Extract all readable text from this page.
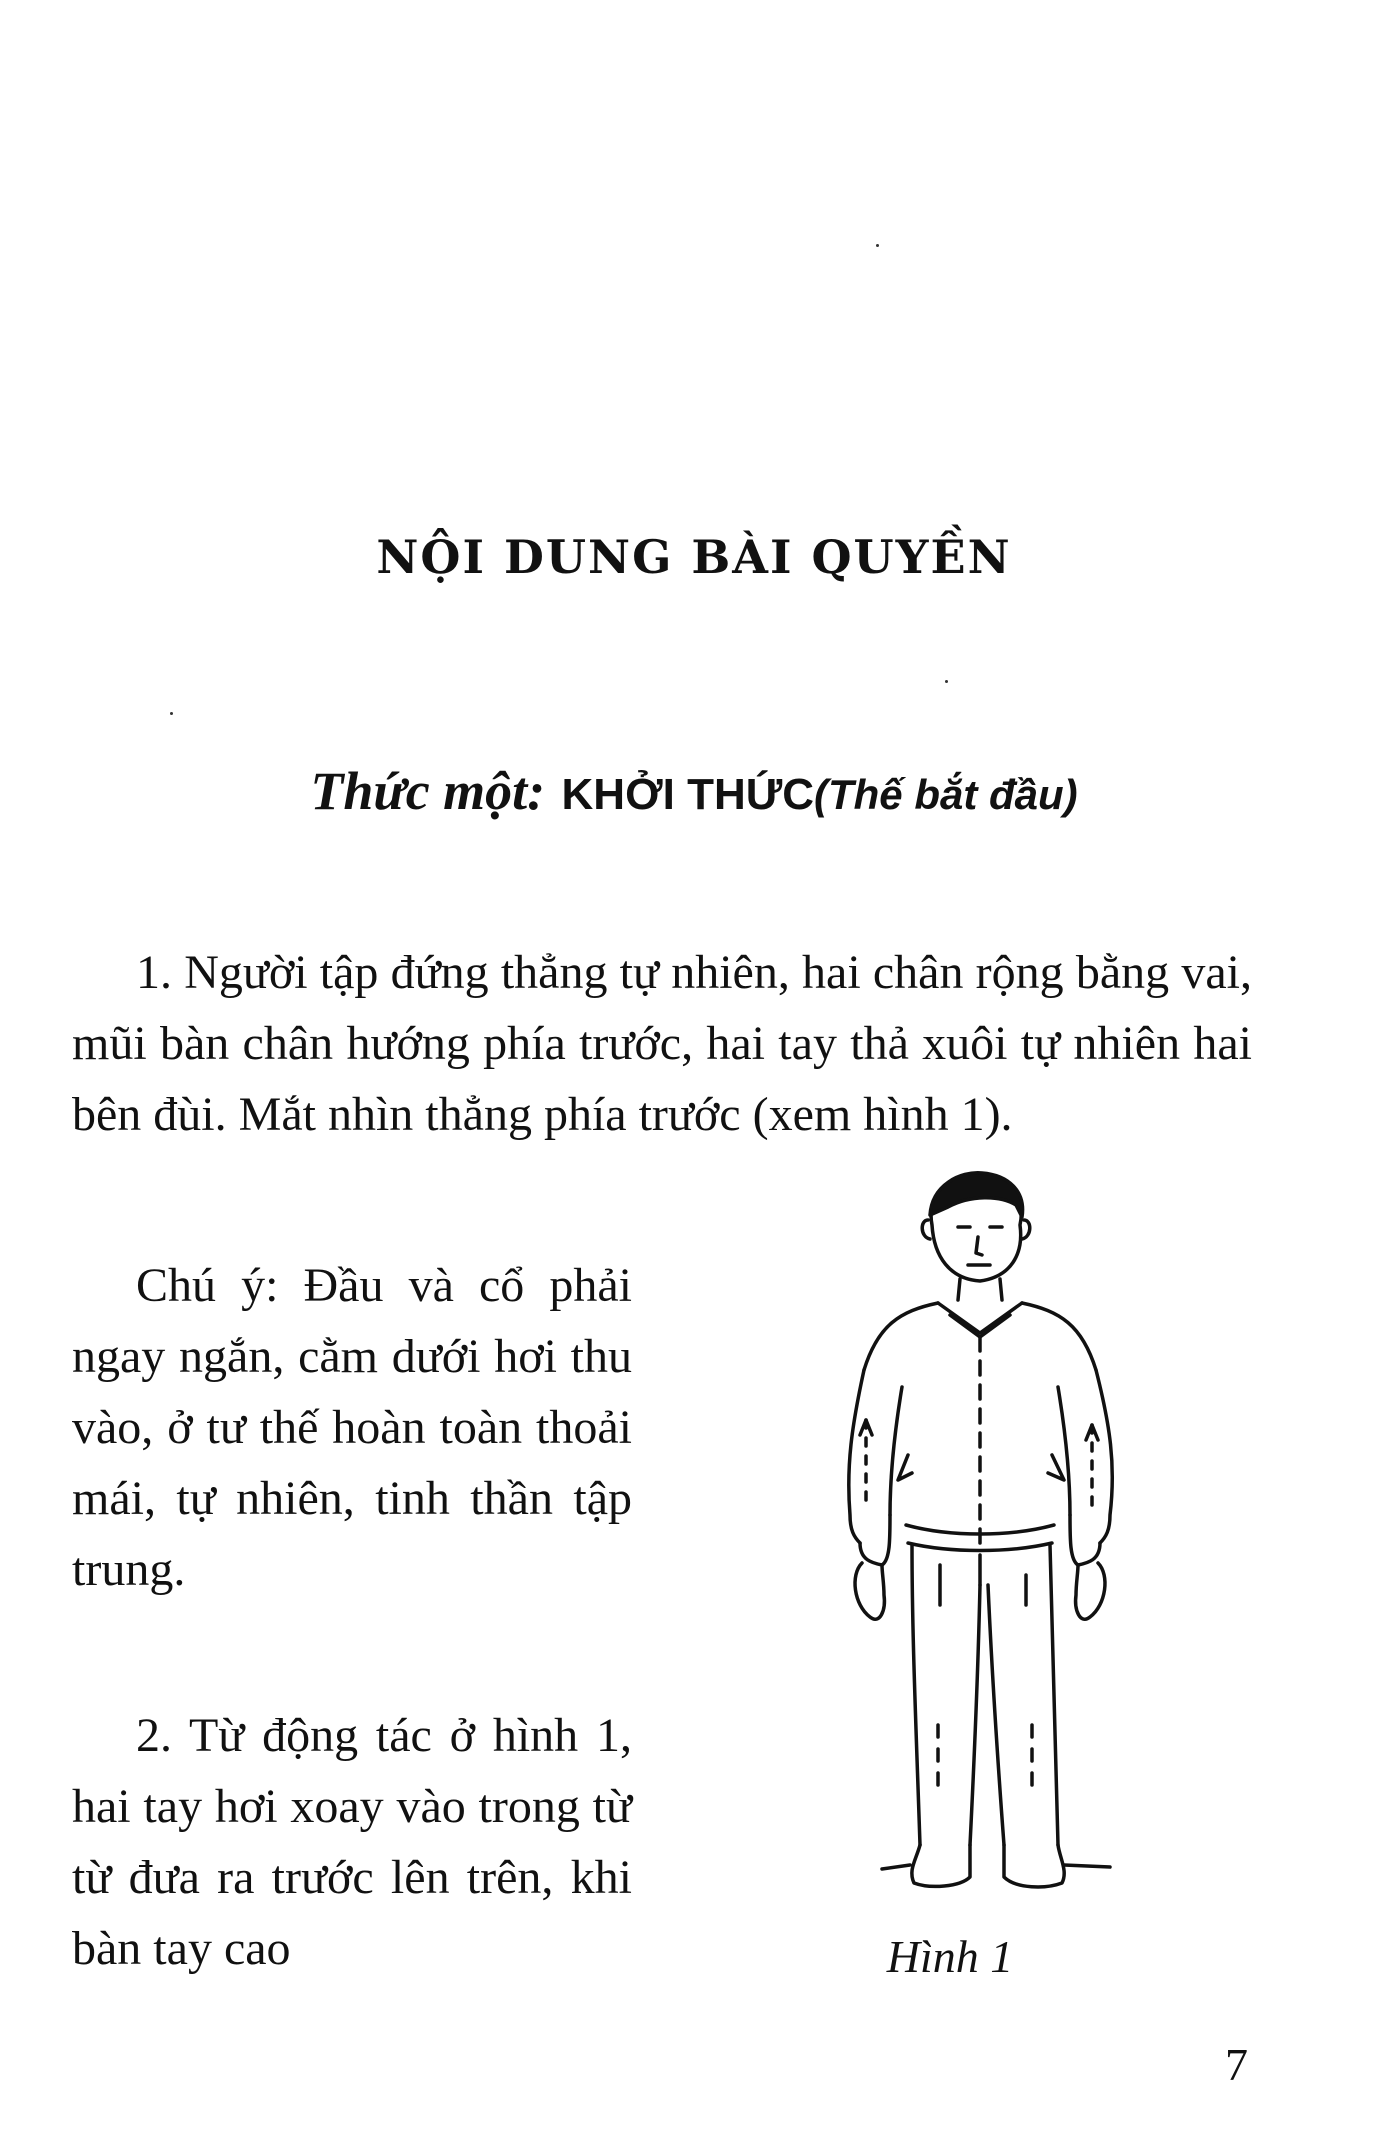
NỘI DUNG BÀI QUYỀN
Thức một: KHỞI THỨC(Thế bắt đầu)

1. Người tập đứng thẳng tự nhiên, hai chân rộng bằng vai, mũi bàn chân hướng phía trước, hai tay thả xuôi tự nhiên hai bên đùi. Mắt nhìn thẳng phía trước (xem hình 1).

Chú ý: Đầu và cổ phải ngay ngắn, cằm dưới hơi thu vào, ở tư thế hoàn toàn thoải mái, tự nhiên, tinh thần tập trung.

2. Từ động tác ở hình 1, hai tay hơi xoay vào trong từ từ đưa ra trước lên trên, khi bàn tay cao	Hình 1

7
